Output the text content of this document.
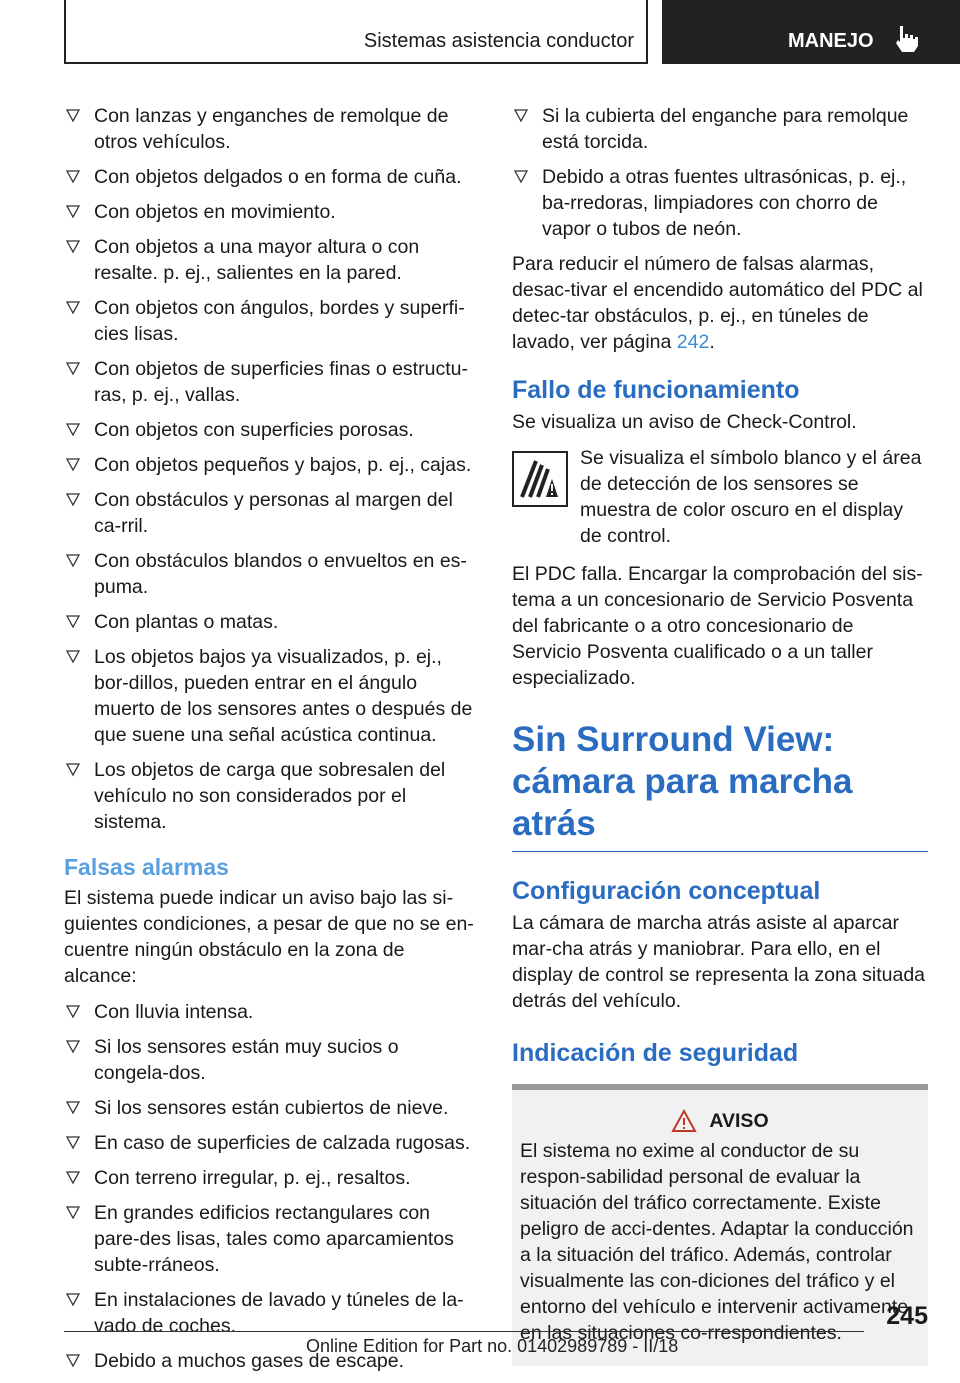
Sistemas asistencia conductor	MANEJO
Con lanzas y enganches de remolque de otros vehículos.
Con objetos delgados o en forma de cuña.
Con objetos en movimiento.
Con objetos a una mayor altura o con resalte. p. ej., salientes en la pared.
Con objetos con ángulos, bordes y superfi-cies lisas.
Con objetos de superficies finas o estructu-ras, p. ej., vallas.
Con objetos con superficies porosas.
Con objetos pequeños y bajos, p. ej., cajas.
Con obstáculos y personas al margen del ca-rril.
Con obstáculos blandos o envueltos en es-puma.
Con plantas o matas.
Los objetos bajos ya visualizados, p. ej., bor-dillos, pueden entrar en el ángulo muerto de los sensores antes o después de que suene una señal acústica continua.
Los objetos de carga que sobresalen del vehículo no son considerados por el sistema.
Falsas alarmas

El sistema puede indicar un aviso bajo las si-guientes condiciones, a pesar de que no se en-cuentre ningún obstáculo en la zona de alcance:

Con lluvia intensa.
Si los sensores están muy sucios o congela-dos.
Si los sensores están cubiertos de nieve.
En caso de superficies de calzada rugosas.
Con terreno irregular, p. ej., resaltos.
En grandes edificios rectangulares con pare-des lisas, tales como aparcamientos subte-rráneos.
En instalaciones de lavado y túneles de la-vado de coches.
Debido a muchos gases de escape.
Si la cubierta del enganche para remolque está torcida.
Debido a otras fuentes ultrasónicas, p. ej., ba-rredoras, limpiadores con chorro de vapor o tubos de neón.

Para reducir el número de falsas alarmas, desac-tivar el encendido automático del PDC al detec-tar obstáculos, p. ej., en túneles de lavado, ver página 242.

Fallo de funcionamiento

Se visualiza un aviso de Check-Control.

Se visualiza el símbolo blanco y el área de detección de los sensores se muestra de color oscuro en el display de control.

El PDC falla. Encargar la comprobación del sis-tema a un concesionario de Servicio Posventa del fabricante o a otro concesionario de Servicio Posventa cualificado o a un taller especializado.

Sin Surround View: cámara para marcha atrás
Configuración conceptual

La cámara de marcha atrás asiste al aparcar mar-cha atrás y maniobrar. Para ello, en el display de control se representa la zona situada detrás del vehículo.

Indicación de seguridad
AVISO
El sistema no exime al conductor de su respon-sabilidad personal de evaluar la situación del tráfico correctamente. Existe peligro de acci-dentes. Adaptar la conducción a la situación del tráfico. Además, controlar visualmente las con-diciones del tráfico y el entorno del vehículo e intervenir activamente en las situaciones co-rrespondientes.
245
Online Edition for Part no. 01402989789 - II/18
